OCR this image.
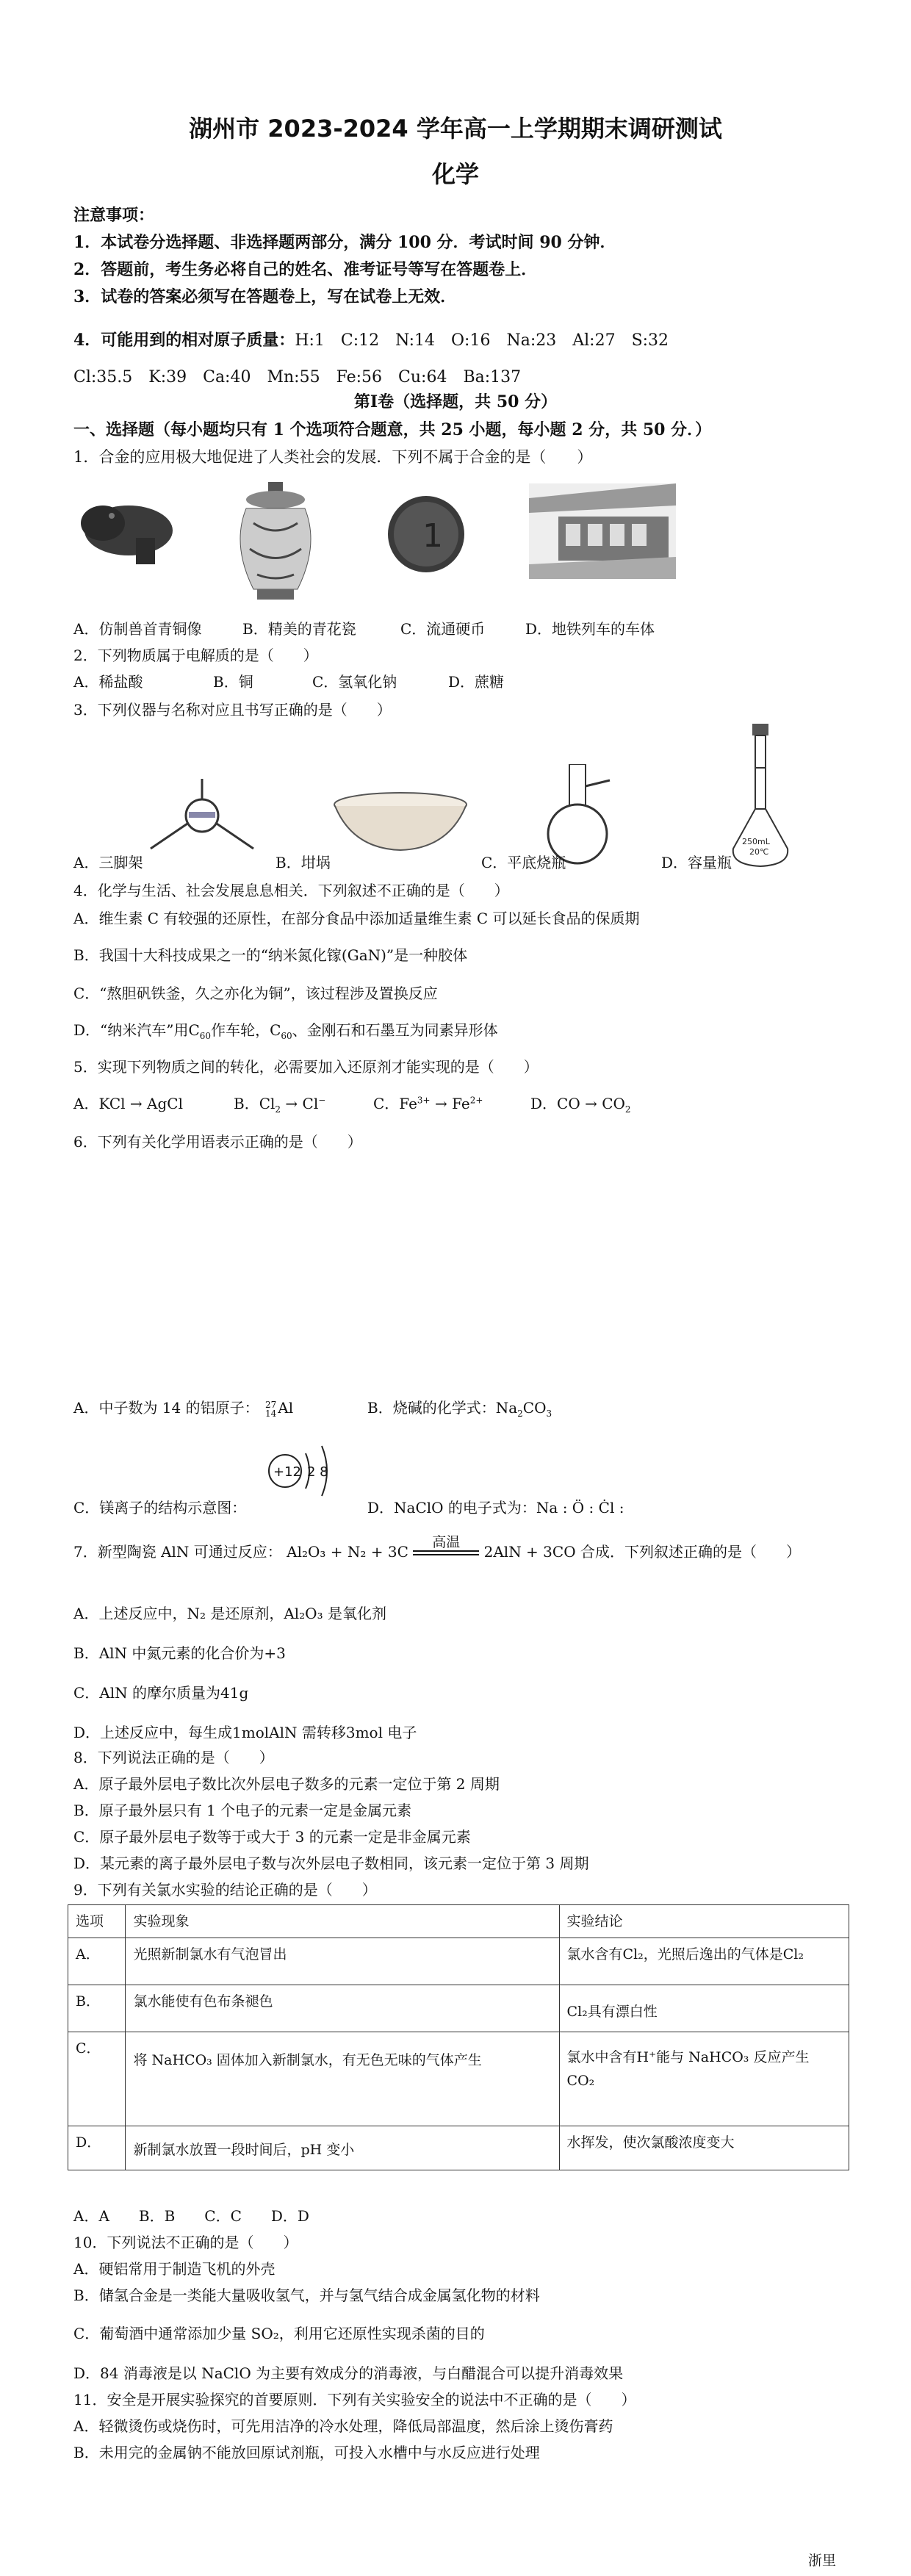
湖州市 2023-2024 学年高一上学期期末调研测试
化学
注意事项：
1．本试卷分选择题、非选择题两部分，满分 100 分．考试时间 90 分钟．
2．答题前，考生务必将自己的姓名、准考证号等写在答题卷上．
3．试卷的答案必须写在答题卷上，写在试卷上无效．
4．可能用到的相对原子质量：H:1　C:12　N:14　O:16　Na:23　Al:27　S:32
Cl:35.5　K:39　Ca:40　Mn:55　Fe:56　Cu:64　Ba:137
第Ⅰ卷（选择题，共 50 分）
一、选择题（每小题均只有 1 个选项符合题意，共 25 小题，每小题 2 分，共 50 分．）
1．合金的应用极大地促进了人类社会的发展．下列不属于合金的是（　　）
1
A．仿制兽首青铜像	B．精美的青花瓷	C．流通硬币	D．地铁列车的车体
2．下列物质属于电解质的是（　　）
A．稀盐酸	B．铜	C．氢氧化钠	D．蔗糖
3．下列仪器与名称对应且书写正确的是（　　）
250mL
20℃
A．三脚架	B．坩埚	C．平底烧瓶	D．容量瓶
4．化学与生活、社会发展息息相关．下列叙述不正确的是（　　）
A．维生素 C 有较强的还原性，在部分食品中添加适量维生素 C 可以延长食品的保质期
B．我国十大科技成果之一的“纳米氮化镓(GaN)”是一种胶体
C．“熬胆矾铁釜，久之亦化为铜”，该过程涉及置换反应
D．“纳米汽车”用$C_{60}$作车轮，$C_{60}$、金刚石和石墨互为同素异形体
5．实现下列物质之间的转化，必需要加入还原剂才能实现的是（　　）
A．KCl → AgCl	B．$Cl_2 \to Cl^-$	C．$Fe^{3+} \to Fe^{2+}$	D．CO → $CO_2$
6．下列有关化学用语表示正确的是（　　）
A．中子数为 14 的铝原子： 27
14 Al	B．烧碱的化学式：$Na_2CO_3$
+12 2 8
C．镁离子的结构示意图：	D．NaClO 的电子式为：Na : Ö : Ċl :
7．新型陶瓷 AlN 可通过反应： Al₂O₃ + N₂ + 3C
高温
2AlN + 3CO 合成．下列叙述正确的是（　　）
A．上述反应中，N₂ 是还原剂，Al₂O₃ 是氧化剂
B．AlN 中氮元素的化合价为+3
C．AlN 的摩尔质量为41g
D．上述反应中，每生成1molAlN 需转移3mol 电子
8．下列说法正确的是（　　）
A．原子最外层电子数比次外层电子数多的元素一定位于第 2 周期
B．原子最外层只有 1 个电子的元素一定是金属元素
C．原子最外层电子数等于或大于 3 的元素一定是非金属元素
D．某元素的离子最外层电子数与次外层电子数相同，该元素一定位于第 3 周期
9．下列有关氯水实验的结论正确的是（　　）
选项	实验现象	实验结论
A．	光照新制氯水有气泡冒出	氯水含有Cl₂，光照后逸出的气体是Cl₂
B．	氯水能使有色布条褪色	Cl₂具有漂白性
C．	将 NaHCO₃ 固体加入新制氯水，有无色无味的气体产生	氯水中含有H⁺能与 NaHCO₃ 反应产生 CO₂
D．	新制氯水放置一段时间后，pH 变小	水挥发，使次氯酸浓度变大
A．A　　B．B　　C．C　　D．D
10．下列说法不正确的是（　　）
A．硬铝常用于制造飞机的外壳
B．储氢合金是一类能大量吸收氢气，并与氢气结合成金属氢化物的材料
C．葡萄酒中通常添加少量 SO₂，利用它还原性实现杀菌的目的
D．84 消毒液是以 NaClO 为主要有效成分的消毒液，与白醋混合可以提升消毒效果
11．安全是开展实验探究的首要原则．下列有关实验安全的说法中不正确的是（　　）
A．轻微烫伤或烧伤时，可先用洁净的冷水处理，降低局部温度，然后涂上烫伤膏药
B．未用完的金属钠不能放回原试剂瓶，可投入水槽中与水反应进行处理
浙里
